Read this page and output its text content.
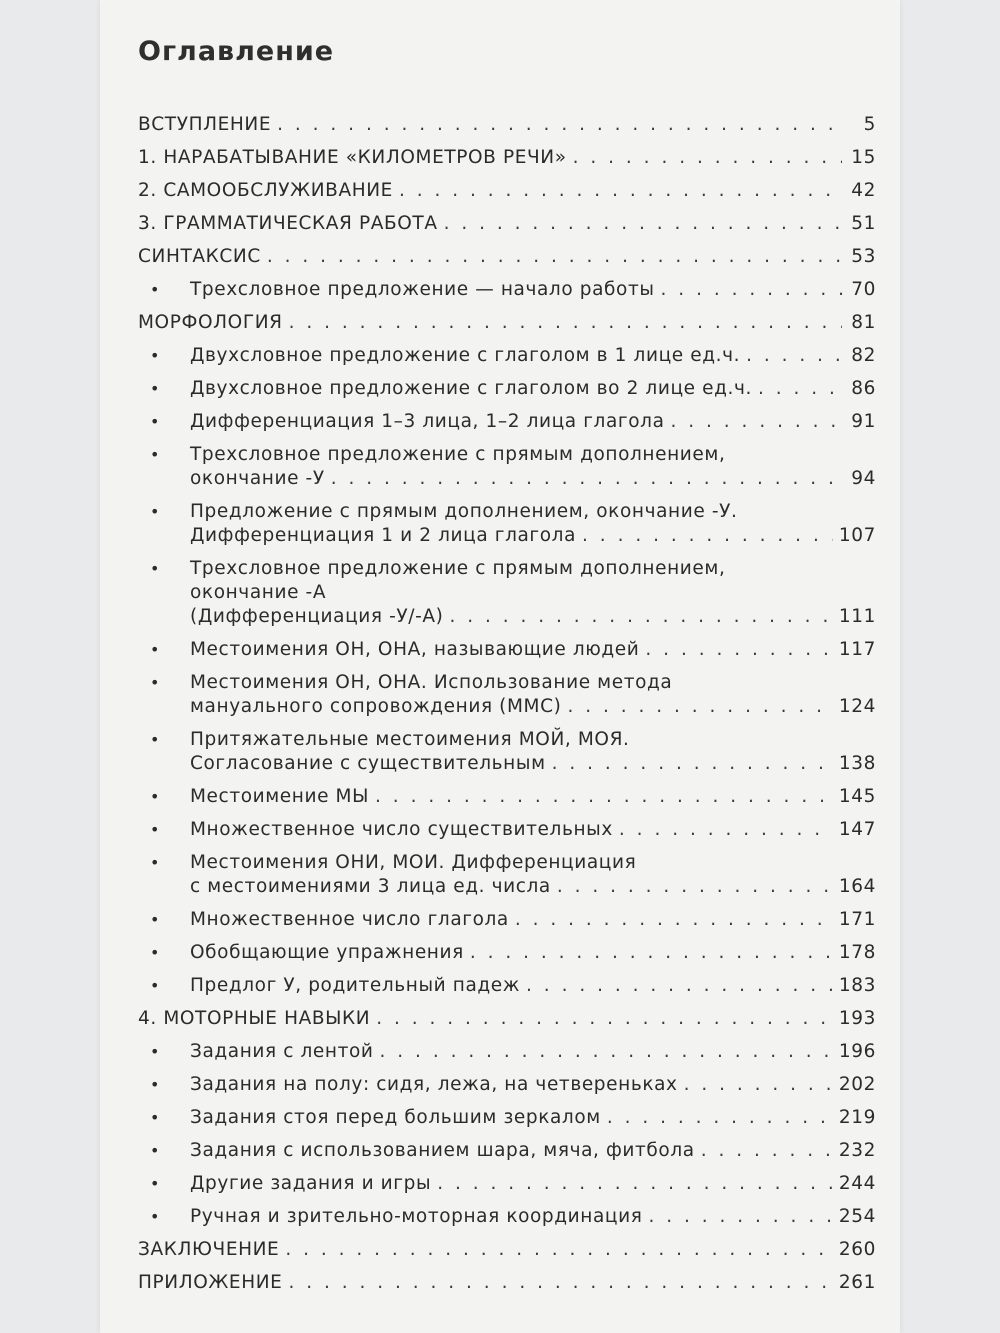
Оглавление
ВСТУПЛЕНИЕ . . .	5
1. НАРАБАТЫВАНИЕ «КИЛОМЕТРОВ РЕЧИ» . . .	15
2. САМООБСЛУЖИВАНИЕ . . .	42
3. ГРАММАТИЧЕСКАЯ РАБОТА . . .	51
СИНТАКСИС . . .	53
• Трехсловное предложение — начало работы . . .	70
МОРФОЛОГИЯ . . .	81
• Двухсловное предложение с глаголом в 1 лице ед.ч. . . .	82
• Двухсловное предложение с глаголом во 2 лице ед.ч. . . .	86
• Дифференциация 1–3 лица, 1–2 лица глагола . . .	91
• Трехсловное предложение с прямым дополнением,
окончание -У . . .	94
• Предложение с прямым дополнением, окончание -У.
Дифференциация 1 и 2 лица глагола . . .	107
• Трехсловное предложение с прямым дополнением,
окончание -А
(Дифференциация -У/-А) . . .	111
• Местоимения ОН, ОНА, называющие людей . . .	117
• Местоимения ОН, ОНА. Использование метода
мануального сопровождения (ММС) . . .	124
• Притяжательные местоимения МОЙ, МОЯ.
Согласование с существительным . . .	138
• Местоимение МЫ . . .	145
• Множественное число существительных . . .	147
• Местоимения ОНИ, МОИ. Дифференциация
с местоимениями 3 лица ед. числа . . .	164
• Множественное число глагола . . .	171
• Обобщающие упражнения . . .	178
• Предлог У, родительный падеж . . .	183
4. МОТОРНЫЕ НАВЫКИ . . .	193
• Задания с лентой . . .	196
• Задания на полу: сидя, лежа, на четвереньках . . .	202
• Задания стоя перед большим зеркалом . . .	219
• Задания с использованием шара, мяча, фитбола . . .	232
• Другие задания и игры . . .	244
• Ручная и зрительно-моторная координация . . .	254
ЗАКЛЮЧЕНИЕ . . .	260
ПРИЛОЖЕНИЕ . . .	261
